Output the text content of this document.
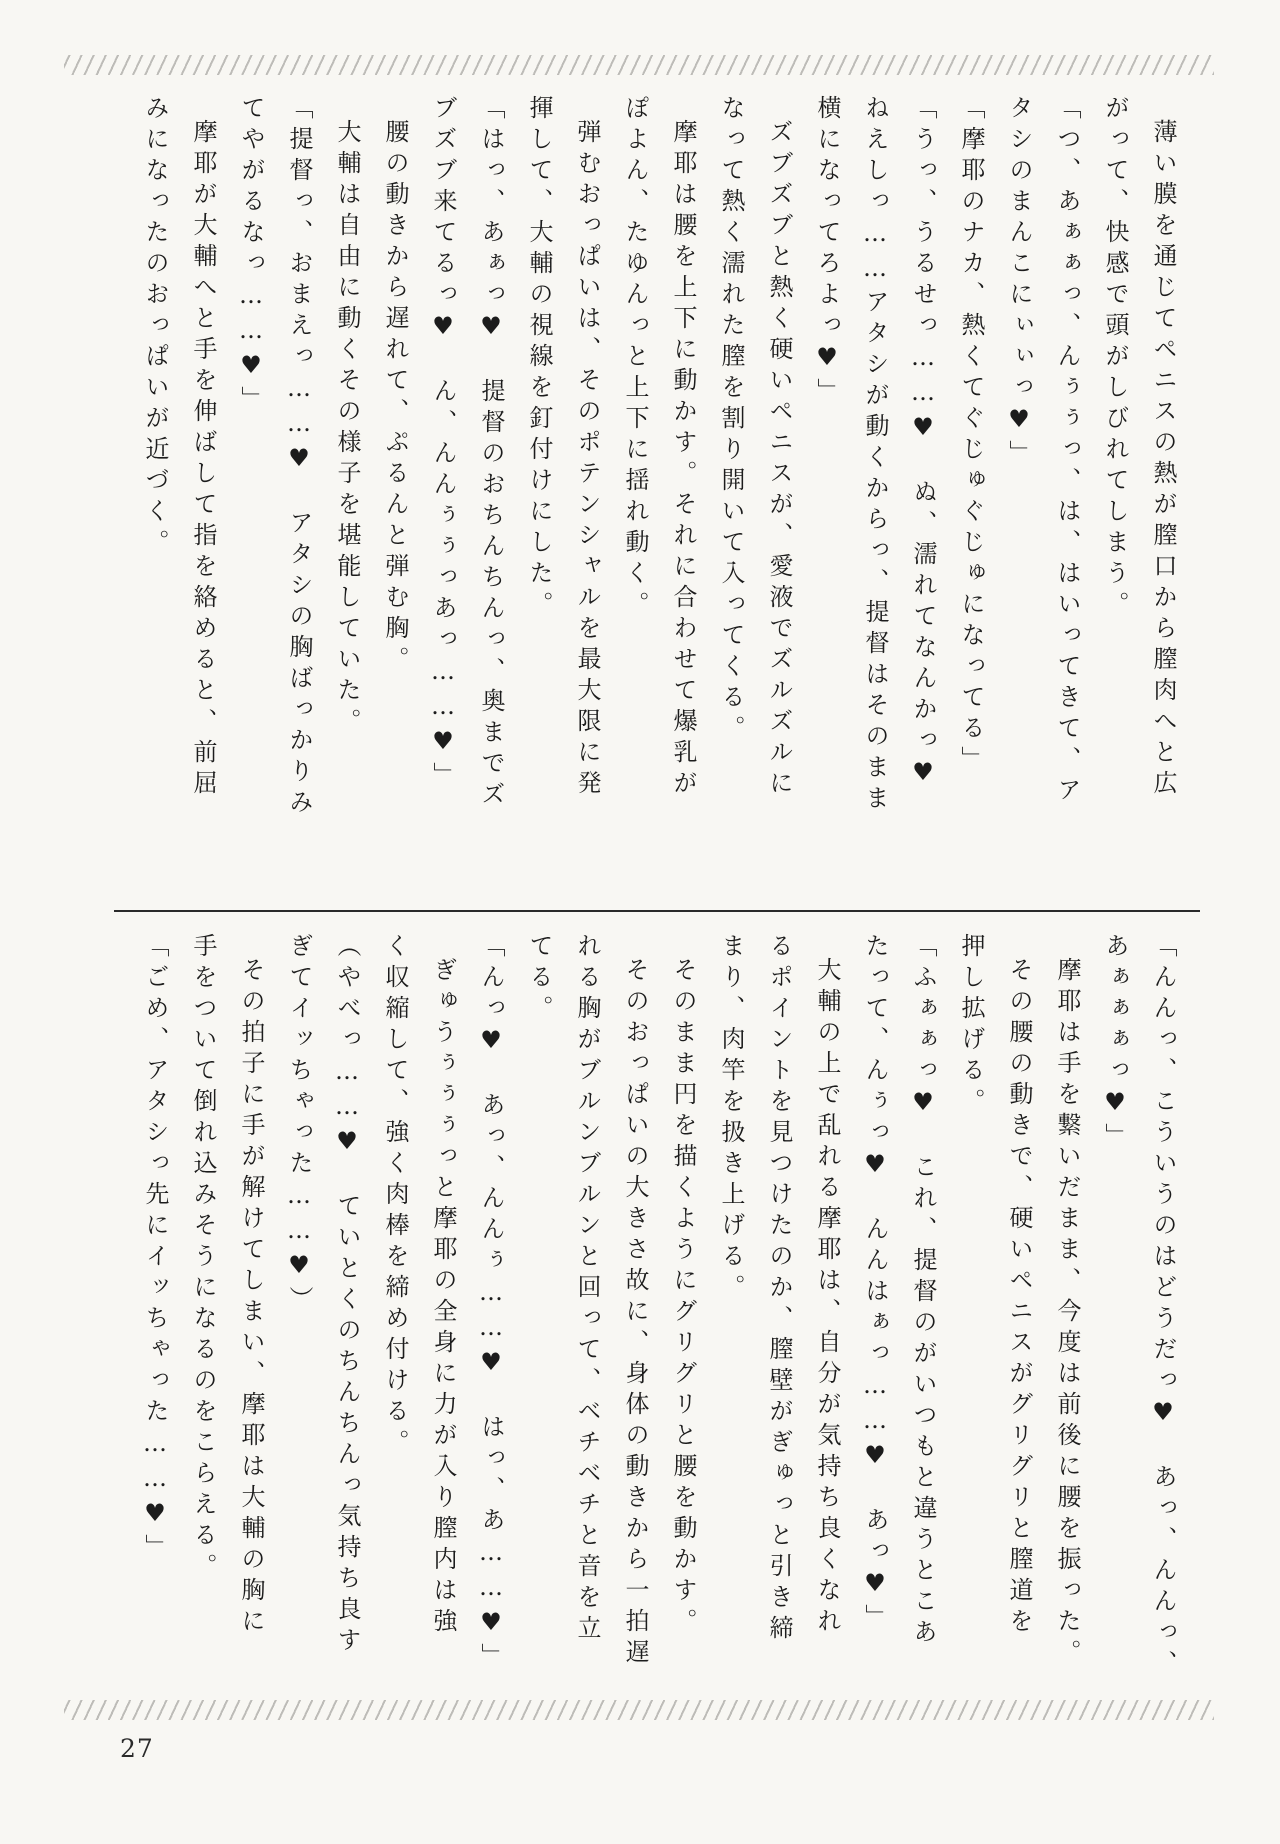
薄い膜を通じてペニスの熱が膣口から膣肉へと広
がって、快感で頭がしびれてしまう。
「つ、あぁぁっ、んぅぅっ、は、はいってきて、ア
タシのまんこにぃぃっ♥」
「摩耶のナカ、熱くてぐじゅぐじゅになってる」
「うっ、うるせっ……♥　ぬ、濡れてなんかっ♥
ねえしっ……アタシが動くからっ、提督はそのまま
横になってろよっ♥」
ズブズブと熱く硬いペニスが、愛液でズルズルに
なって熱く濡れた膣を割り開いて入ってくる。
摩耶は腰を上下に動かす。それに合わせて爆乳が
ぽよん、たゆんっと上下に揺れ動く。
弾むおっぱいは、そのポテンシャルを最大限に発
揮して、大輔の視線を釘付けにした。
「はっ、あぁっ♥　提督のおちんちんっ、奥までズ
ブズブ来てるっ♥　ん、んんぅぅっあっ……♥」
腰の動きから遅れて、ぷるんと弾む胸。
大輔は自由に動くその様子を堪能していた。
「提督っ、おまえっ……♥　アタシの胸ばっかりみ
てやがるなっ……♥」
摩耶が大輔へと手を伸ばして指を絡めると、前屈
みになったのおっぱいが近づく。
「んんっ、こういうのはどうだっ♥　あっ、んんっ、
あぁぁぁっ♥」
摩耶は手を繋いだまま、今度は前後に腰を振った。
その腰の動きで、硬いペニスがグリグリと膣道を
押し拡げる。
「ふぁぁっ♥　これ、提督のがいつもと違うとこあ
たって、んぅっ♥　んんはぁっ……♥　あっ♥」
大輔の上で乱れる摩耶は、自分が気持ち良くなれ
るポイントを見つけたのか、膣壁がぎゅっと引き締
まり、肉竿を扱き上げる。
そのまま円を描くようにグリグリと腰を動かす。
そのおっぱいの大きさ故に、身体の動きから一拍遅
れる胸がブルンブルンと回って、ベチベチと音を立
てる。
「んっ♥　あっ、んんぅ……♥　はっ、あ……♥」
ぎゅうぅぅぅっと摩耶の全身に力が入り膣内は強
く収縮して、強く肉棒を締め付ける。
（やべっ……♥　ていとくのちんちんっ気持ち良す
ぎてイッちゃった……♥）
その拍子に手が解けてしまい、摩耶は大輔の胸に
手をついて倒れ込みそうになるのをこらえる。
「ごめ、アタシっ先にイッちゃった……♥」
27
